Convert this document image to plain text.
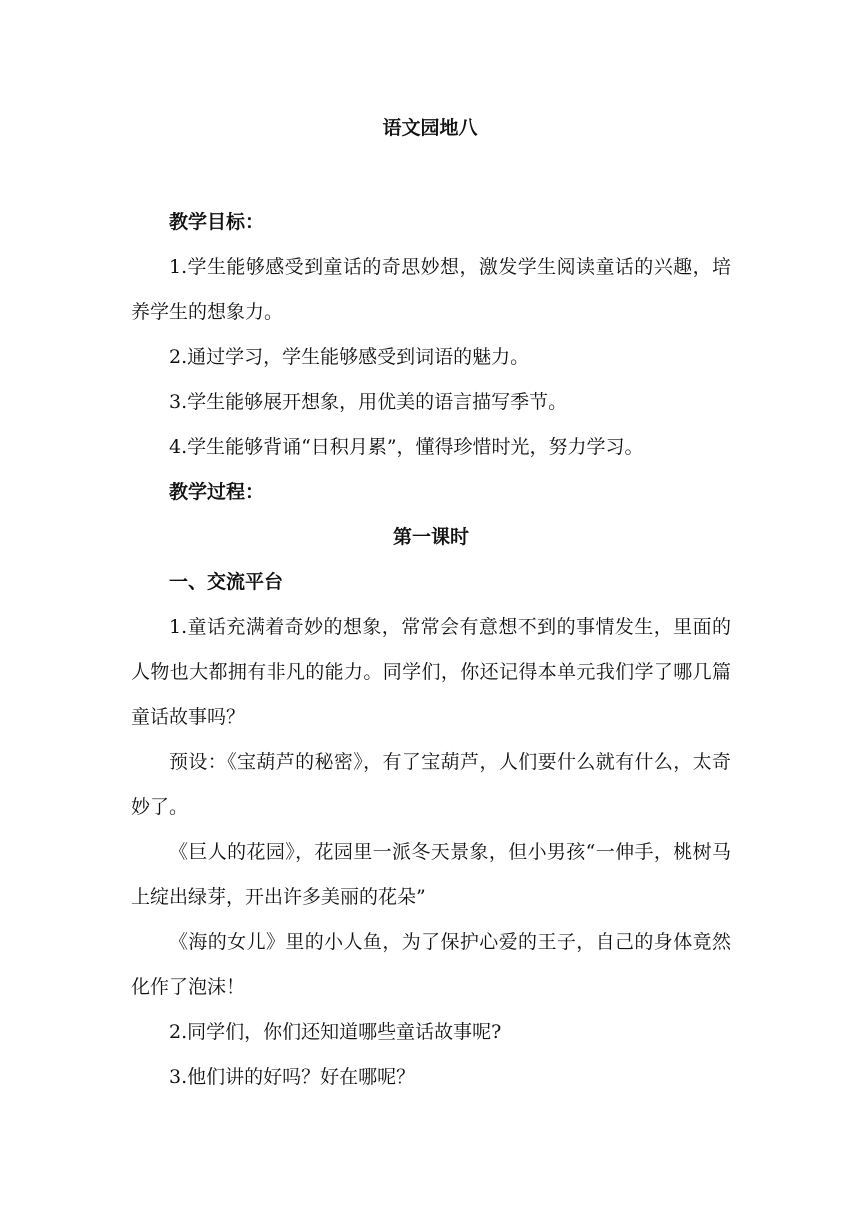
语文园地八

教学目标：

1.学生能够感受到童话的奇思妙想，激发学生阅读童话的兴趣，培养学生的想象力。

2.通过学习，学生能够感受到词语的魅力。

3.学生能够展开想象，用优美的语言描写季节。

4.学生能够背诵“日积月累”，懂得珍惜时光，努力学习。

教学过程：

第一课时

一、交流平台

1.童话充满着奇妙的想象，常常会有意想不到的事情发生，里面的人物也大都拥有非凡的能力。同学们，你还记得本单元我们学了哪几篇童话故事吗？

预设：《宝葫芦的秘密》，有了宝葫芦，人们要什么就有什么，太奇妙了。

《巨人的花园》，花园里一派冬天景象，但小男孩“一伸手，桃树马上绽出绿芽，开出许多美丽的花朵”

《海的女儿》里的小人鱼，为了保护心爱的王子，自己的身体竟然化作了泡沫！

2.同学们，你们还知道哪些童话故事呢?

3.他们讲的好吗？好在哪呢？
